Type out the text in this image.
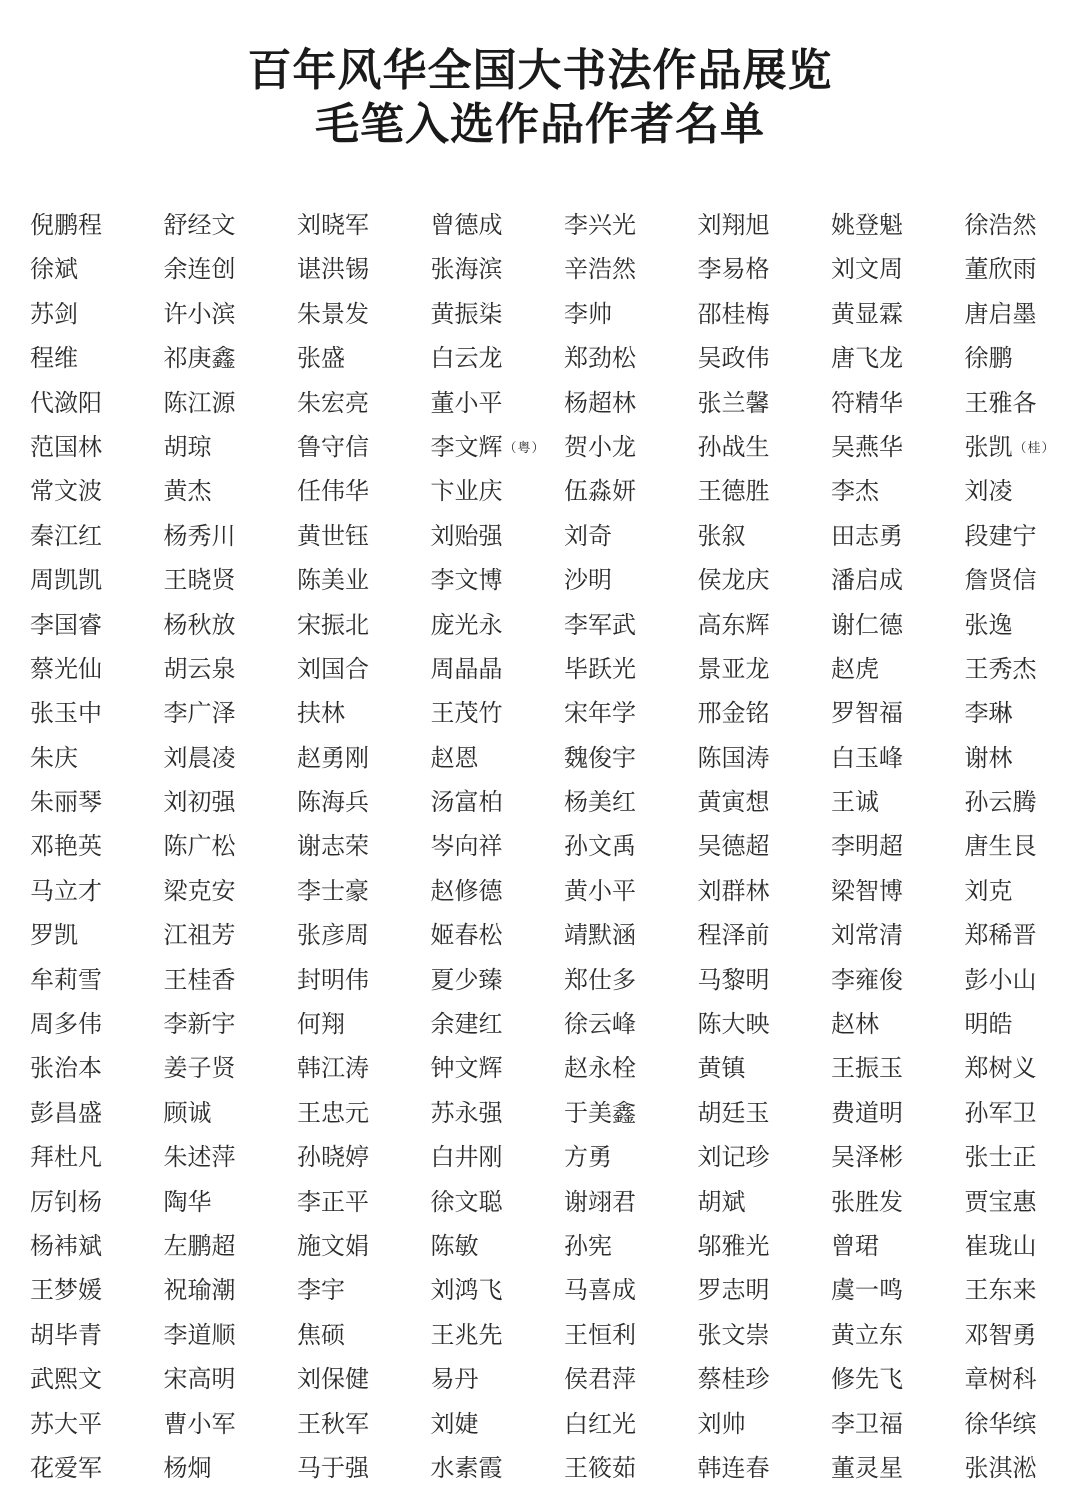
百年风华全国大书法作品展览
毛笔入选作品作者名单
倪鹏程	舒经文	刘晓军	曾德成	李兴光	刘翔旭	姚登魁	徐浩然
徐斌	余连创	谌洪锡	张海滨	辛浩然	李易格	刘文周	董欣雨
苏剑	许小滨	朱景发	黄振柒	李帅	邵桂梅	黄显霖	唐启墨
程维	祁庚鑫	张盛	白云龙	郑劲松	吴政伟	唐飞龙	徐鹏
代潋阳	陈江源	朱宏亮	董小平	杨超林	张兰馨	符精华	王雅各
范国林	胡琼	鲁守信	李文辉（粤） 贺小龙	孙战生	吴燕华	张凯（桂）
常文波	黄杰	任伟华	卞业庆	伍淼妍	王德胜	李杰	刘凌
秦江红	杨秀川	黄世钰	刘贻强	刘奇	张叙	田志勇	段建宁
周凯凯	王晓贤	陈美业	李文博	沙明	侯龙庆	潘启成	詹贤信
李国睿	杨秋放	宋振北	庞光永	李军武	高东辉	谢仁德	张逸
蔡光仙	胡云泉	刘国合	周晶晶	毕跃光	景亚龙	赵虎	王秀杰
张玉中	李广泽	扶林	王茂竹	宋年学	邢金铭	罗智福	李琳
朱庆	刘晨凌	赵勇刚	赵恩	魏俊宇	陈国涛	白玉峰	谢林
朱丽琴	刘初强	陈海兵	汤富柏	杨美红	黄寅想	王诚	孙云腾
邓艳英	陈广松	谢志荣	岑向祥	孙文禹	吴德超	李明超	唐生艮
马立才	梁克安	李士豪	赵修德	黄小平	刘群林	梁智博	刘克
罗凯	江祖芳	张彦周	姬春松	靖默涵	程泽前	刘常清	郑稀晋
牟莉雪	王桂香	封明伟	夏少臻	郑仕多	马黎明	李雍俊	彭小山
周多伟	李新宇	何翔	余建红	徐云峰	陈大映	赵林	明皓
张治本	姜子贤	韩江涛	钟文辉	赵永栓	黄镇	王振玉	郑树义
彭昌盛	顾诚	王忠元	苏永强	于美鑫	胡廷玉	费道明	孙军卫
拜杜凡	朱述萍	孙晓婷	白井刚	方勇	刘记珍	吴泽彬	张士正
厉钊杨	陶华	李正平	徐文聪	谢翊君	胡斌	张胜发	贾宝惠
杨袆斌	左鹏超	施文娟	陈敏	孙宪	邬雅光	曾珺	崔珑山
王梦媛	祝瑜潮	李宇	刘鸿飞	马喜成	罗志明	虞一鸣	王东来
胡毕青	李道顺	焦硕	王兆先	王恒利	张文崇	黄立东	邓智勇
武熙文	宋高明	刘保健	易丹	侯君萍	蔡桂珍	修先飞	章树科
苏大平	曹小军	王秋军	刘婕	白红光	刘帅	李卫福	徐华缤
花爱军	杨炯	马于强	水素霞	王筱茹	韩连春	董灵星	张淇淞
